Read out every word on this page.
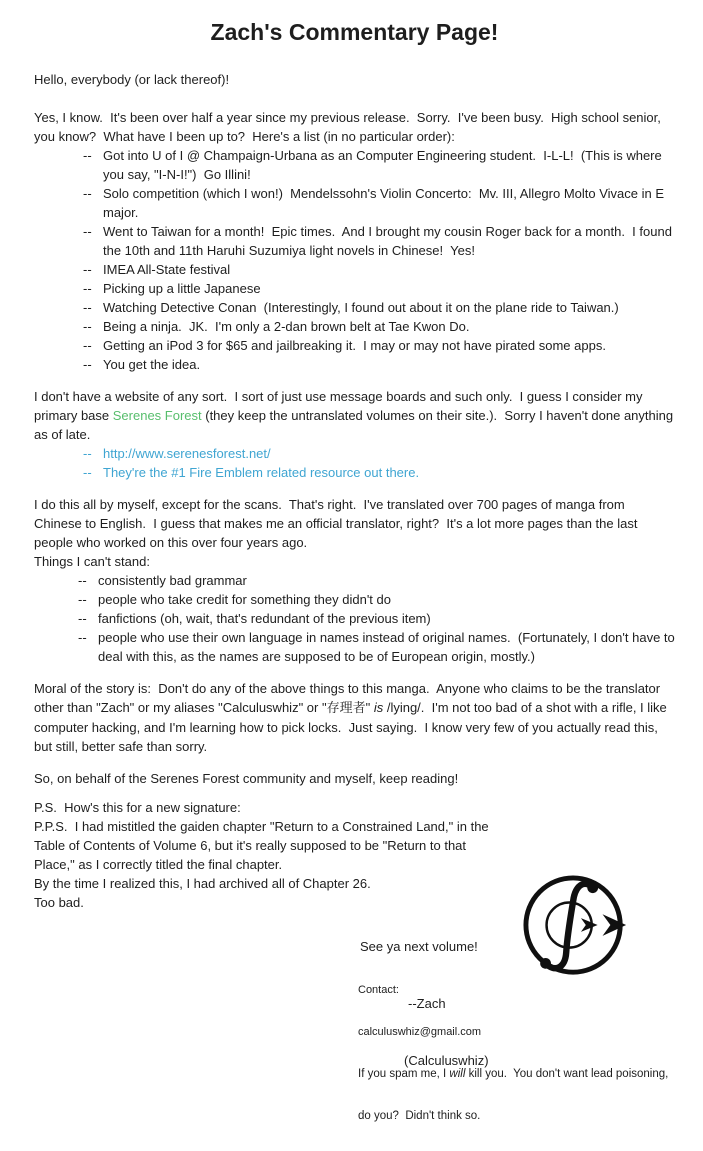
Zach's Commentary Page!

Hello, everybody (or lack thereof)!

Yes, I know.  It's been over half a year since my previous release.  Sorry.  I've been busy.  High school senior, you know?  What have I been up to?  Here's a list (in no particular order):

-- Got into U of I @ Champaign-Urbana as an Computer Engineering student.  I-L-L!  (This is where you say, "I-N-I!")  Go Illini!
-- Solo competition (which I won!)  Mendelssohn's Violin Concerto:  Mv. III, Allegro Molto Vivace in E major.
-- Went to Taiwan for a month!  Epic times.  And I brought my cousin Roger back for a month.  I found the 10th and 11th Haruhi Suzumiya light novels in Chinese!  Yes!
-- IMEA All-State festival
-- Picking up a little Japanese
-- Watching Detective Conan  (Interestingly, I found out about it on the plane ride to Taiwan.)
-- Being a ninja.  JK.  I'm only a 2-dan brown belt at Tae Kwon Do.
-- Getting an iPod 3 for $65 and jailbreaking it.  I may or may not have pirated some apps.
-- You get the idea.

I don't have a website of any sort.  I sort of just use message boards and such only.  I guess I consider my primary base Serenes Forest (they keep the untranslated volumes on their site.).  Sorry I haven't done anything as of late.

-- http://www.serenesforest.net/
-- They're the #1 Fire Emblem related resource out there.

I do this all by myself, except for the scans.  That's right.  I've translated over 700 pages of manga from Chinese to English.  I guess that makes me an official translator, right?  It's a lot more pages than the last people who worked on this over four years ago.

Things I can't stand:

-- consistently bad grammar
-- people who take credit for something they didn't do
-- fanfictions (oh, wait, that's redundant of the previous item)
-- people who use their own language in names instead of original names.  (Fortunately, I don't have to deal with this, as the names are supposed to be of European origin, mostly.)

Moral of the story is:  Don't do any of the above things to this manga.  Anyone who claims to be the translator other than "Zach" or my aliases "Calculuswhiz" or "存理者" is /lying/.  I'm not too bad of a shot with a rifle, I like computer hacking, and I'm learning how to pick locks.  Just saying.  I know very few of you actually read this, but still, better safe than sorry.

So, on behalf of the Serenes Forest community and myself, keep reading!

P.S.  How's this for a new signature:

P.P.S.  I had mistitled the gaiden chapter "Return to a Constrained Land," in the Table of Contents of Volume 6, but it's really supposed to be "Return to that Place," as I correctly titled the final chapter.

By the time I realized this, I had archived all of Chapter 26.

Too bad.

See ya next volume!

--Zach

(Calculuswhiz)

Contact:

calculuswhiz@gmail.com

If you spam me, I will kill you.  You don't want lead poisoning,

do you?  Didn't think so.
